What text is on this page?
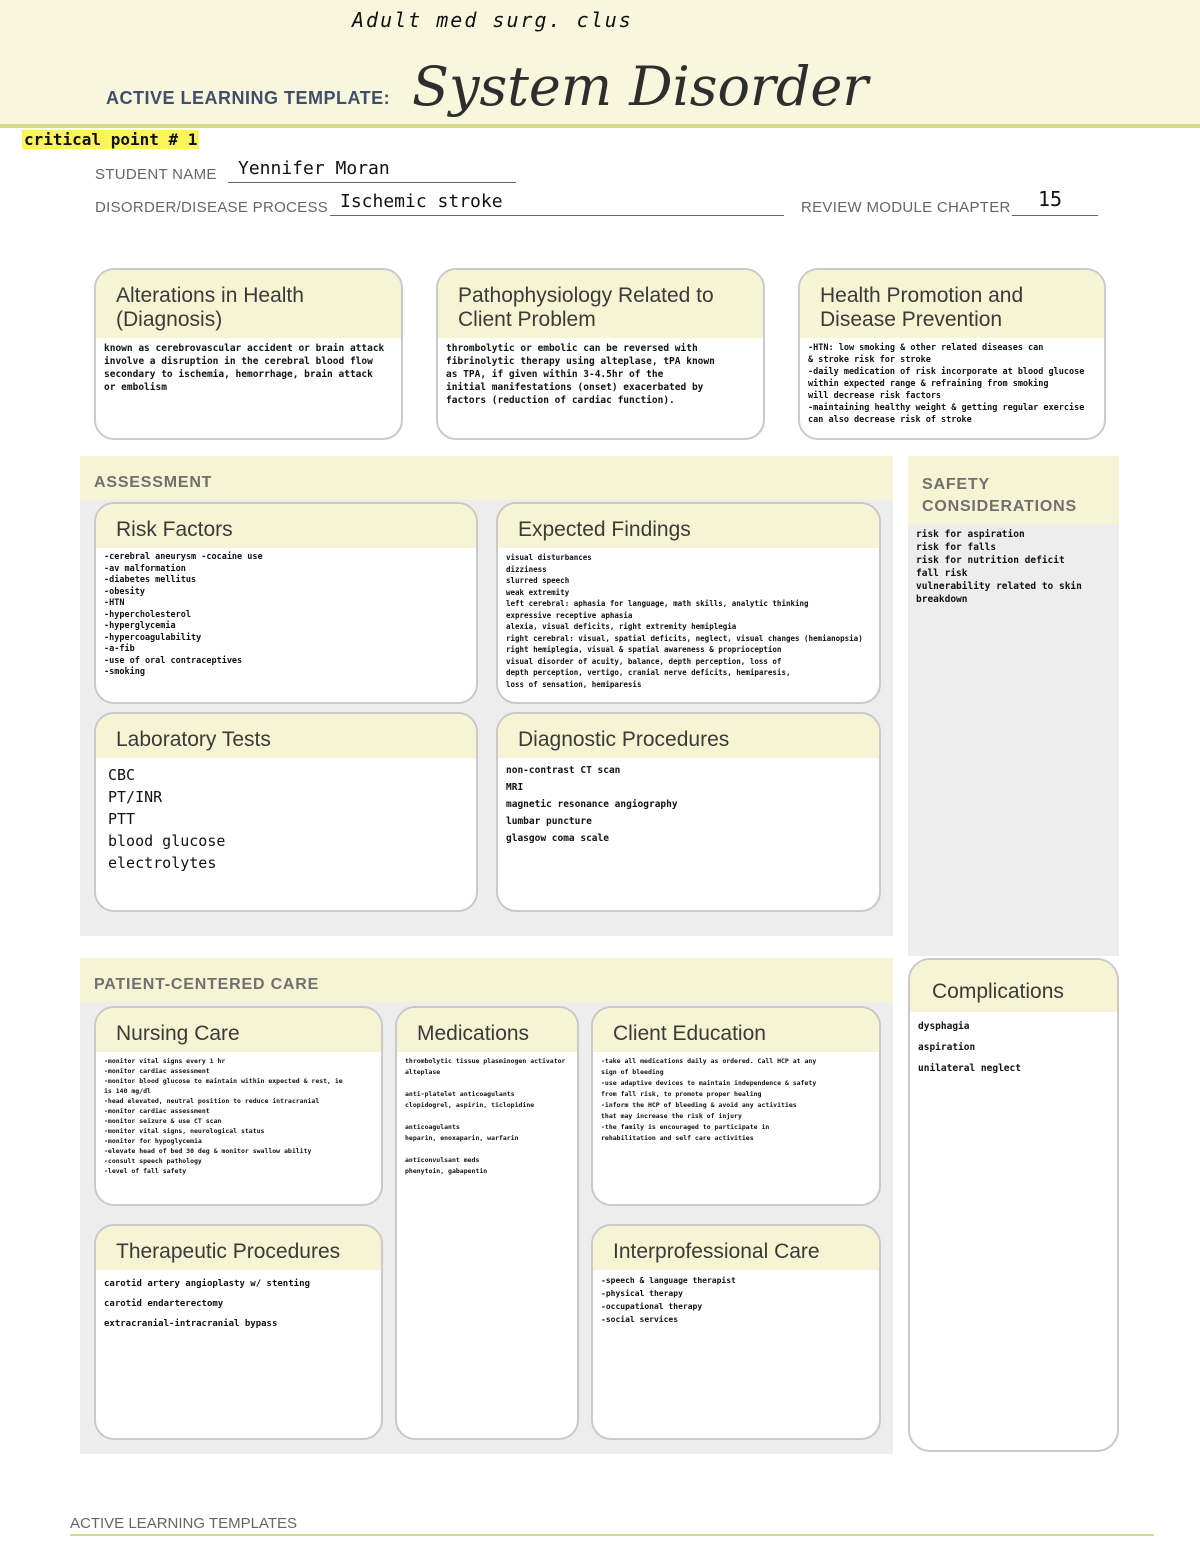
Adult med surg. clus
ACTIVE LEARNING TEMPLATE: System Disorder
critical point # 1
STUDENT NAME Yennifer Moran
DISORDER/DISEASE PROCESS Ischemic stroke	REVIEW MODULE CHAPTER 15
Alterations in Health (Diagnosis)
known as cerebrovascular accident or brain attack
involve a disruption in the cerebral blood flow
secondary to ischemia, hemorrhage, brain attack
or embolism
Pathophysiology Related to Client Problem
thrombolytic or embolic can be reversed with
fibrinolytic therapy using alteplase, tPA known
as TPA, if given within 3-4.5hr of the
initial manifestations (onset) exacerbated by
factors (reduction of cardiac function).
Health Promotion and Disease Prevention
-HTN: low smoking & other related diseases can
& stroke risk for stroke
-daily medication of risk incorporate at blood glucose
within expected range & refraining from smoking
will decrease risk factors
-maintaining healthy weight & getting regular exercise
can also decrease risk of stroke
ASSESSMENT	SAFETY CONSIDERATIONS
risk for aspiration
risk for falls
risk for nutrition deficit
fall risk
vulnerability related to skin breakdown
Risk Factors
-cerebral aneurysm -cocaine use
-av malformation
-diabetes mellitus
-obesity
-HTN
-hypercholesterol
-hyperglycemia
-hypercoagulability
-a-fib
-use of oral contraceptives
-smoking
Expected Findings
visual disturbances
dizziness
slurred speech
weak extremity
left cerebral: aphasia for language, math skills, analytic thinking
expressive receptive aphasia
alexia, visual deficits, right extremity hemiplegia
right cerebral: visual, spatial deficits, neglect, visual changes (hemianopsia)
right hemiplegia, visual & spatial awareness & proprioception
visual disorder of acuity, balance, depth perception, loss of
depth perception, vertigo, cranial nerve deficits, hemiparesis,
loss of sensation, hemiparesis
Laboratory Tests
CBC
PT/INR
PTT
blood glucose
electrolytes
Diagnostic Procedures
non-contrast CT scan
MRI
magnetic resonance angiography
lumbar puncture
glasgow coma scale
PATIENT-CENTERED CARE	Complications
dysphagia
aspiration
unilateral neglect
Nursing Care
-monitor vital signs every 1 hr
-monitor cardiac assessment
-monitor blood glucose to maintain within expected & rest, ie
is 140 mg/dl
-head elevated, neutral position to reduce intracranial
-monitor cardiac assessment
-monitor seizure & use CT scan
-monitor vital signs, neurological status
-monitor for hypoglycemia
-elevate head of bed 30 deg & monitor swallow ability
-consult speech pathology
-level of fall safety
Medications
thrombolytic tissue plasminogen activator
alteplase

anti-platelet anticoagulants
clopidogrel, aspirin, ticlopidine

anticoagulants
heparin, enoxaparin, warfarin

anticonvulsant meds
phenytoin, gabapentin
Client Education
-take all medications daily as ordered. Call HCP at any
sign of bleeding
-use adaptive devices to maintain independence & safety
from fall risk, to promote proper healing
-inform the HCP of bleeding & avoid any activities
that may increase the risk of injury
-the family is encouraged to participate in
rehabilitation and self care activities
Therapeutic Procedures
carotid artery angioplasty w/ stenting
carotid endarterectomy
extracranial-intracranial bypass
Interprofessional Care
-speech & language therapist
-physical therapy
-occupational therapy
-social services
ACTIVE LEARNING TEMPLATES
